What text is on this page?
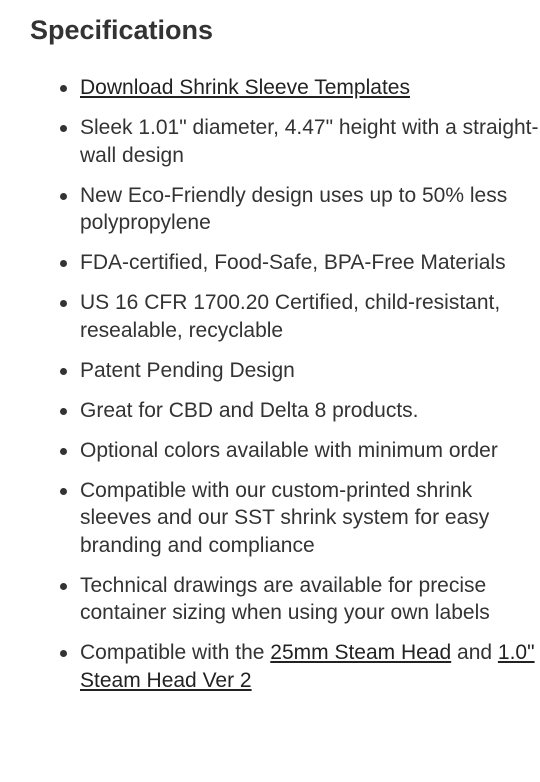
Specifications
Download Shrink Sleeve Templates
Sleek 1.01" diameter, 4.47" height with a straight-wall design
New Eco-Friendly design uses up to 50% less polypropylene
FDA-certified, Food-Safe, BPA-Free Materials
US 16 CFR 1700.20 Certified, child-resistant, resealable, recyclable
Patent Pending Design
Great for CBD and Delta 8 products.
Optional colors available with minimum order
Compatible with our custom-printed shrink sleeves and our SST shrink system for easy branding and compliance
Technical drawings are available for precise container sizing when using your own labels
Compatible with the 25mm Steam Head and 1.0" Steam Head Ver 2
